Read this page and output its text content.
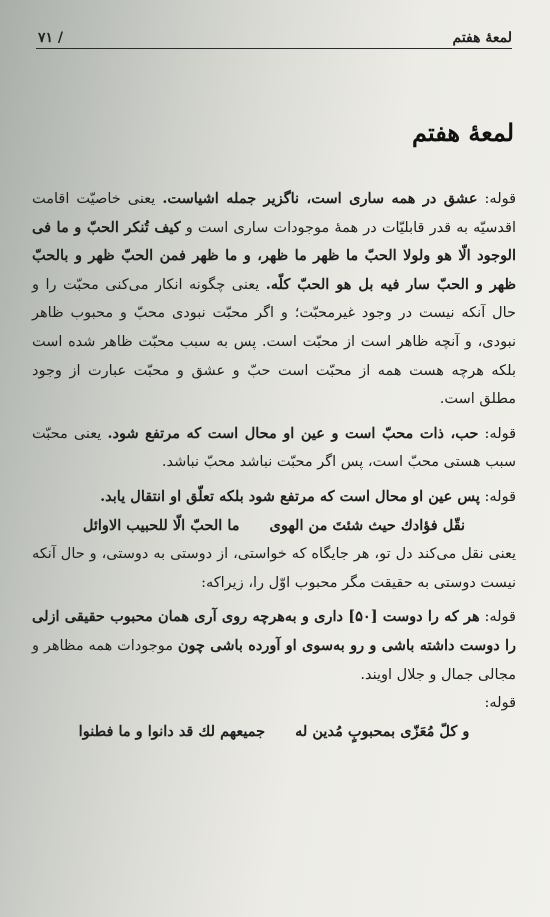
لمعهٔ هفتم
/ ۷۱
لمعهٔ هفتم

قوله: عشق در همه ساری است، ناگزیر جمله اشیاست. یعنی خاصیّت اقامت اقدسیّه به قدر قابلیّات در همهٔ موجودات ساری است و کیف تُنکر الحبّ و ما فی الوجود الّا هو ولولا الحبّ ما ظهر ما ظهر، و ما ظهر فمن الحبّ ظهر و بالحبّ ظهر و الحبّ سار فیه بل هو الحبّ کلّه. یعنی چگونه انکار می‌کنی محبّت را و حال آنکه نیست در وجود غیرمحبّت؛ و اگر محبّت نبودی محبّ و محبوب ظاهر نبودی، و آنچه ظاهر است از محبّت است. پس به سبب محبّت ظاهر شده است بلکه هرچه هست همه از محبّت است حبّ و عشق و محبّت عبارت از وجود مطلق است.

قوله: حب، ذات محبّ است و عین او محال است که مرتفع شود. یعنی محبّت سبب هستی محبّ است، پس اگر محبّت نباشد محبّ نباشد.

قوله: پس عین او محال است که مرتفع شود بلکه تعلّق او انتقال یابد.

نقّل فؤادك حيث شئتَ من الهوى
ما الحبّ الّا للحبيب الاوائل

یعنی نقل می‌کند دل تو، هر جایگاه که خواستی، از دوستی به دوستی، و حال آنکه نیست دوستی به حقیقت مگر محبوب اوّل را، زیراکه:

قوله: هر که را دوست [۵۰] داری و به‌هرچه روی آری همان محبوب حقیقی ازلی را دوست داشته باشی و رو به‌سوی او آورده باشی چون موجودات همه مظاهر و مجالی جمال و جلال اویند.

قوله:

و كلّ مُعَزّى بمحبوبٍ مُدين له
جميعهم لك قد دانوا و ما فطنوا
